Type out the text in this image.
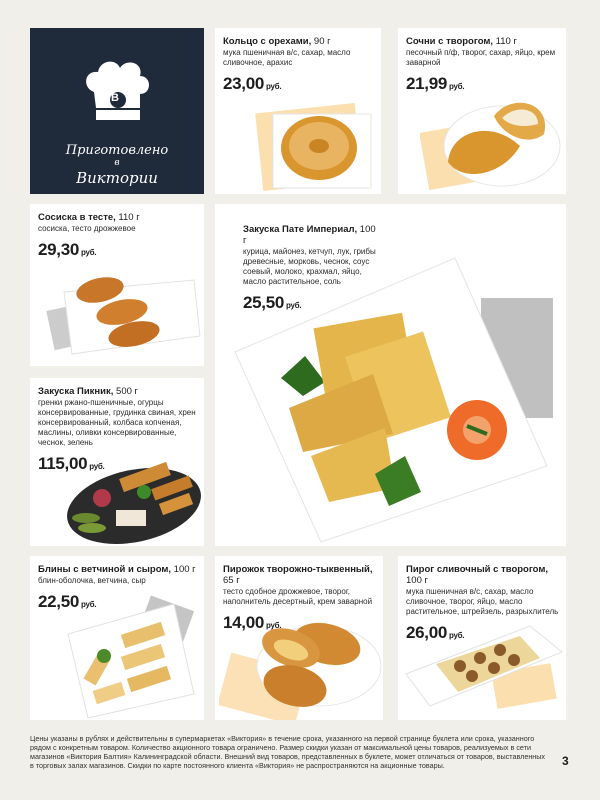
В
Приготовлено
в
Виктории
Кольцо с орехами, 90 г
мука пшеничная в/с, сахар, масло сливочное, арахис
23,00 руб.
Сочни с творогом, 110 г
песочный п/ф, творог, сахар, яйцо, крем заварной
21,99 руб.
Сосиска в тесте, 110 г
сосиска, тесто дрожжевое
29,30 руб.
Закуска Пате Империал, 100 г
курица, майонез, кетчуп, лук, грибы древесные, морковь, чеснок, соус соевый, молоко, крахмал, яйцо, масло растительное, соль
25,50 руб.
Закуска Пикник, 500 г
гренки ржано-пшеничные, огурцы консервированные, грудинка свиная, хрен консервированный, колбаса копченая, маслины, оливки консервированные, чеснок, зелень
115,00 руб.
Блины с ветчиной и сыром, 100 г
блин-оболочка, ветчина, сыр
22,50 руб.
Пирожок творожно-тыквенный, 65 г
тесто сдобное дрожжевое, творог, наполнитель десертный, крем заварной
14,00 руб.
Пирог сливочный с творогом, 100 г
мука пшеничная в/с, сахар, масло сливочное, творог, яйцо, масло растительное, штрейзель, разрыхлитель
26,00 руб.
Цены указаны в рублях и действительны в супермаркетах «Виктория» в течение срока, указанного на первой странице буклета или срока, указанного рядом с конкретным товаром. Количество акционного товара ограничено. Размер скидки указан от максимальной цены товаров, реализуемых в сети магазинов «Виктория Балтия» Калининградской области. Внешний вид товаров, представленных в буклете, может отличаться от товаров, выставленных в торговых залах магазинов. Скидки по карте постоянного клиента «Виктория» не распространяются на акционные товары.	3
